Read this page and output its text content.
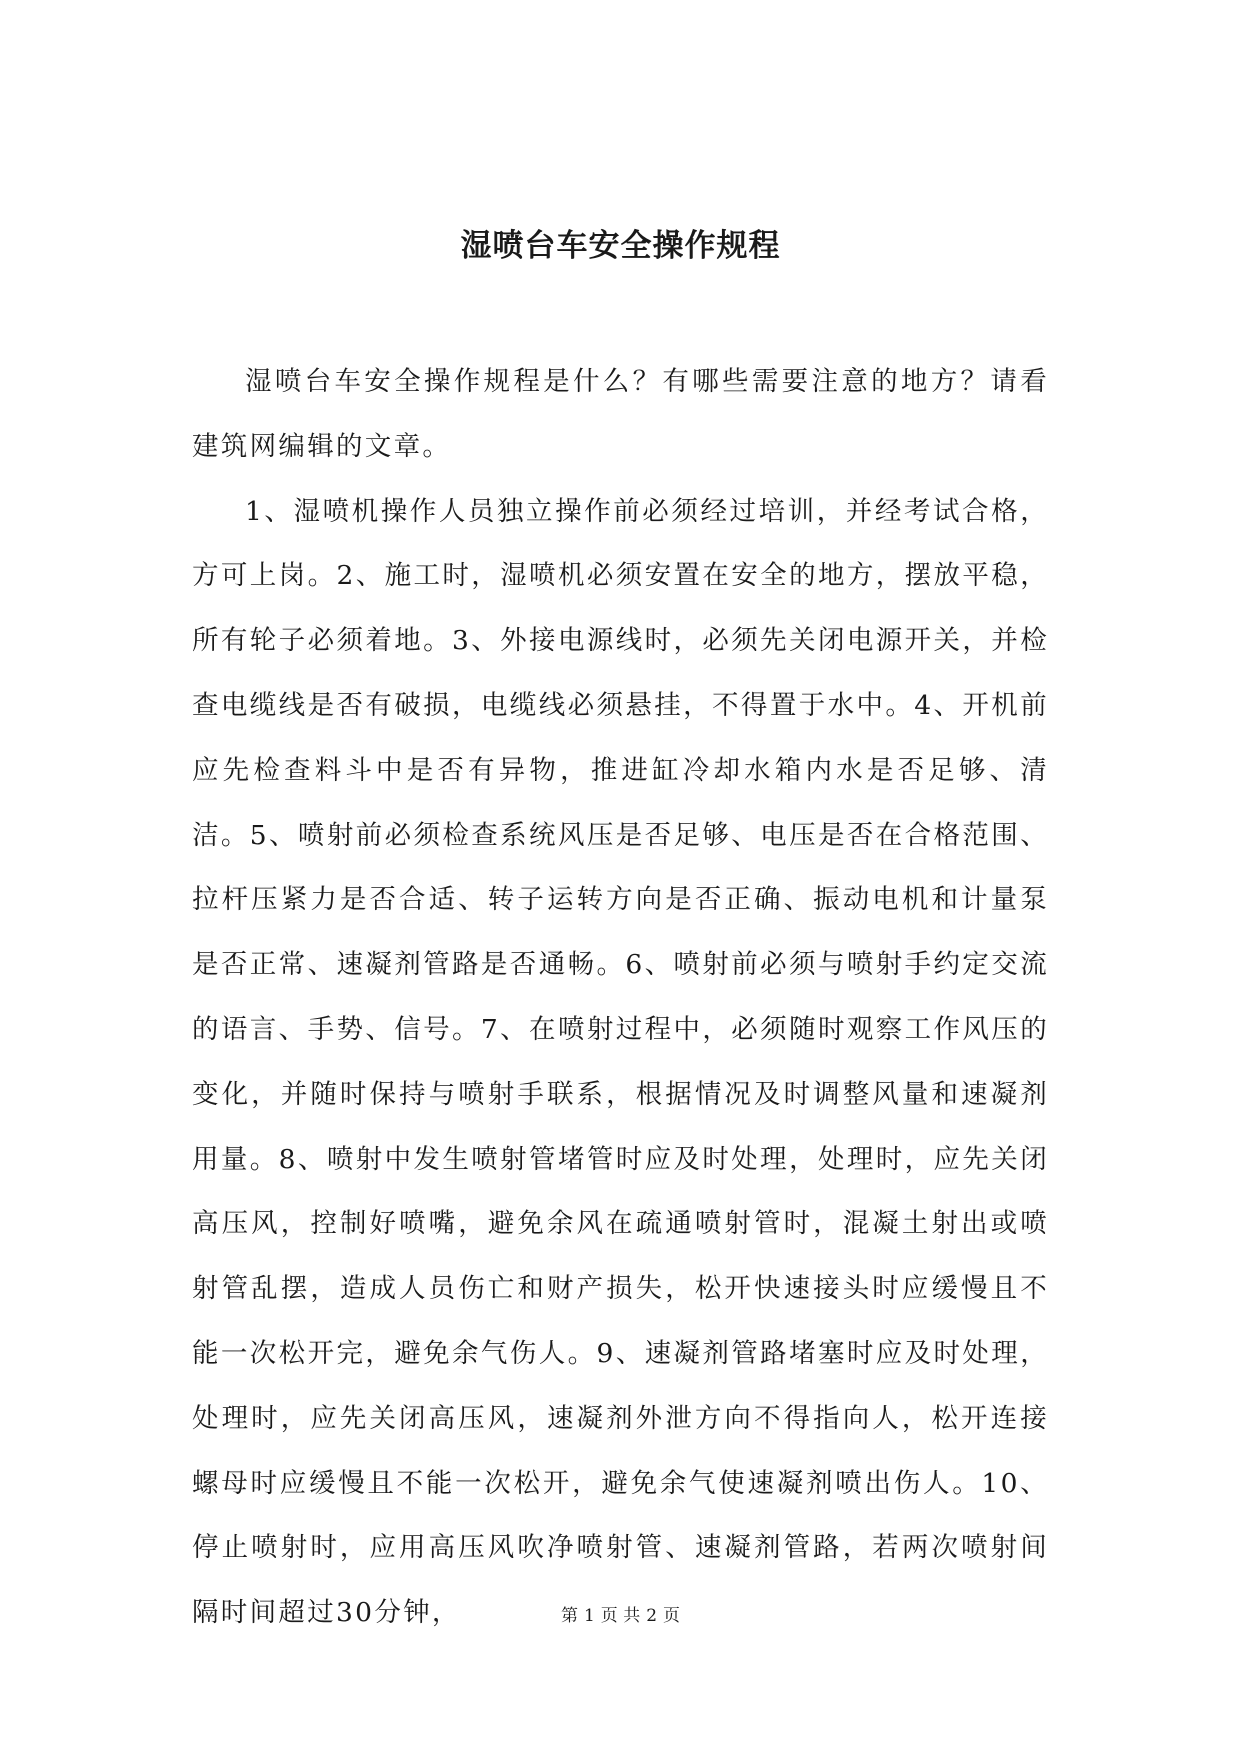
湿喷台车安全操作规程

湿喷台车安全操作规程是什么？有哪些需要注意的地方？请看建筑网编辑的文章。

1、湿喷机操作人员独立操作前必须经过培训，并经考试合格，方可上岗。2、施工时，湿喷机必须安置在安全的地方，摆放平稳，所有轮子必须着地。3、外接电源线时，必须先关闭电源开关，并检查电缆线是否有破损，电缆线必须悬挂，不得置于水中。4、开机前应先检查料斗中是否有异物，推进缸冷却水箱内水是否足够、清洁。5、喷射前必须检查系统风压是否足够、电压是否在合格范围、拉杆压紧力是否合适、转子运转方向是否正确、振动电机和计量泵是否正常、速凝剂管路是否通畅。6、喷射前必须与喷射手约定交流的语言、手势、信号。7、在喷射过程中，必须随时观察工作风压的变化，并随时保持与喷射手联系，根据情况及时调整风量和速凝剂用量。8、喷射中发生喷射管堵管时应及时处理，处理时，应先关闭高压风，控制好喷嘴，避免余风在疏通喷射管时，混凝土射出或喷射管乱摆，造成人员伤亡和财产损失，松开快速接头时应缓慢且不能一次松开完，避免余气伤人。9、速凝剂管路堵塞时应及时处理，处理时，应先关闭高压风，速凝剂外泄方向不得指向人，松开连接螺母时应缓慢且不能一次松开，避免余气使速凝剂喷出伤人。10、停止喷射时，应用高压风吹净喷射管、速凝剂管路，若两次喷射间隔时间超过30分钟，	第 1 页 共 2 页
